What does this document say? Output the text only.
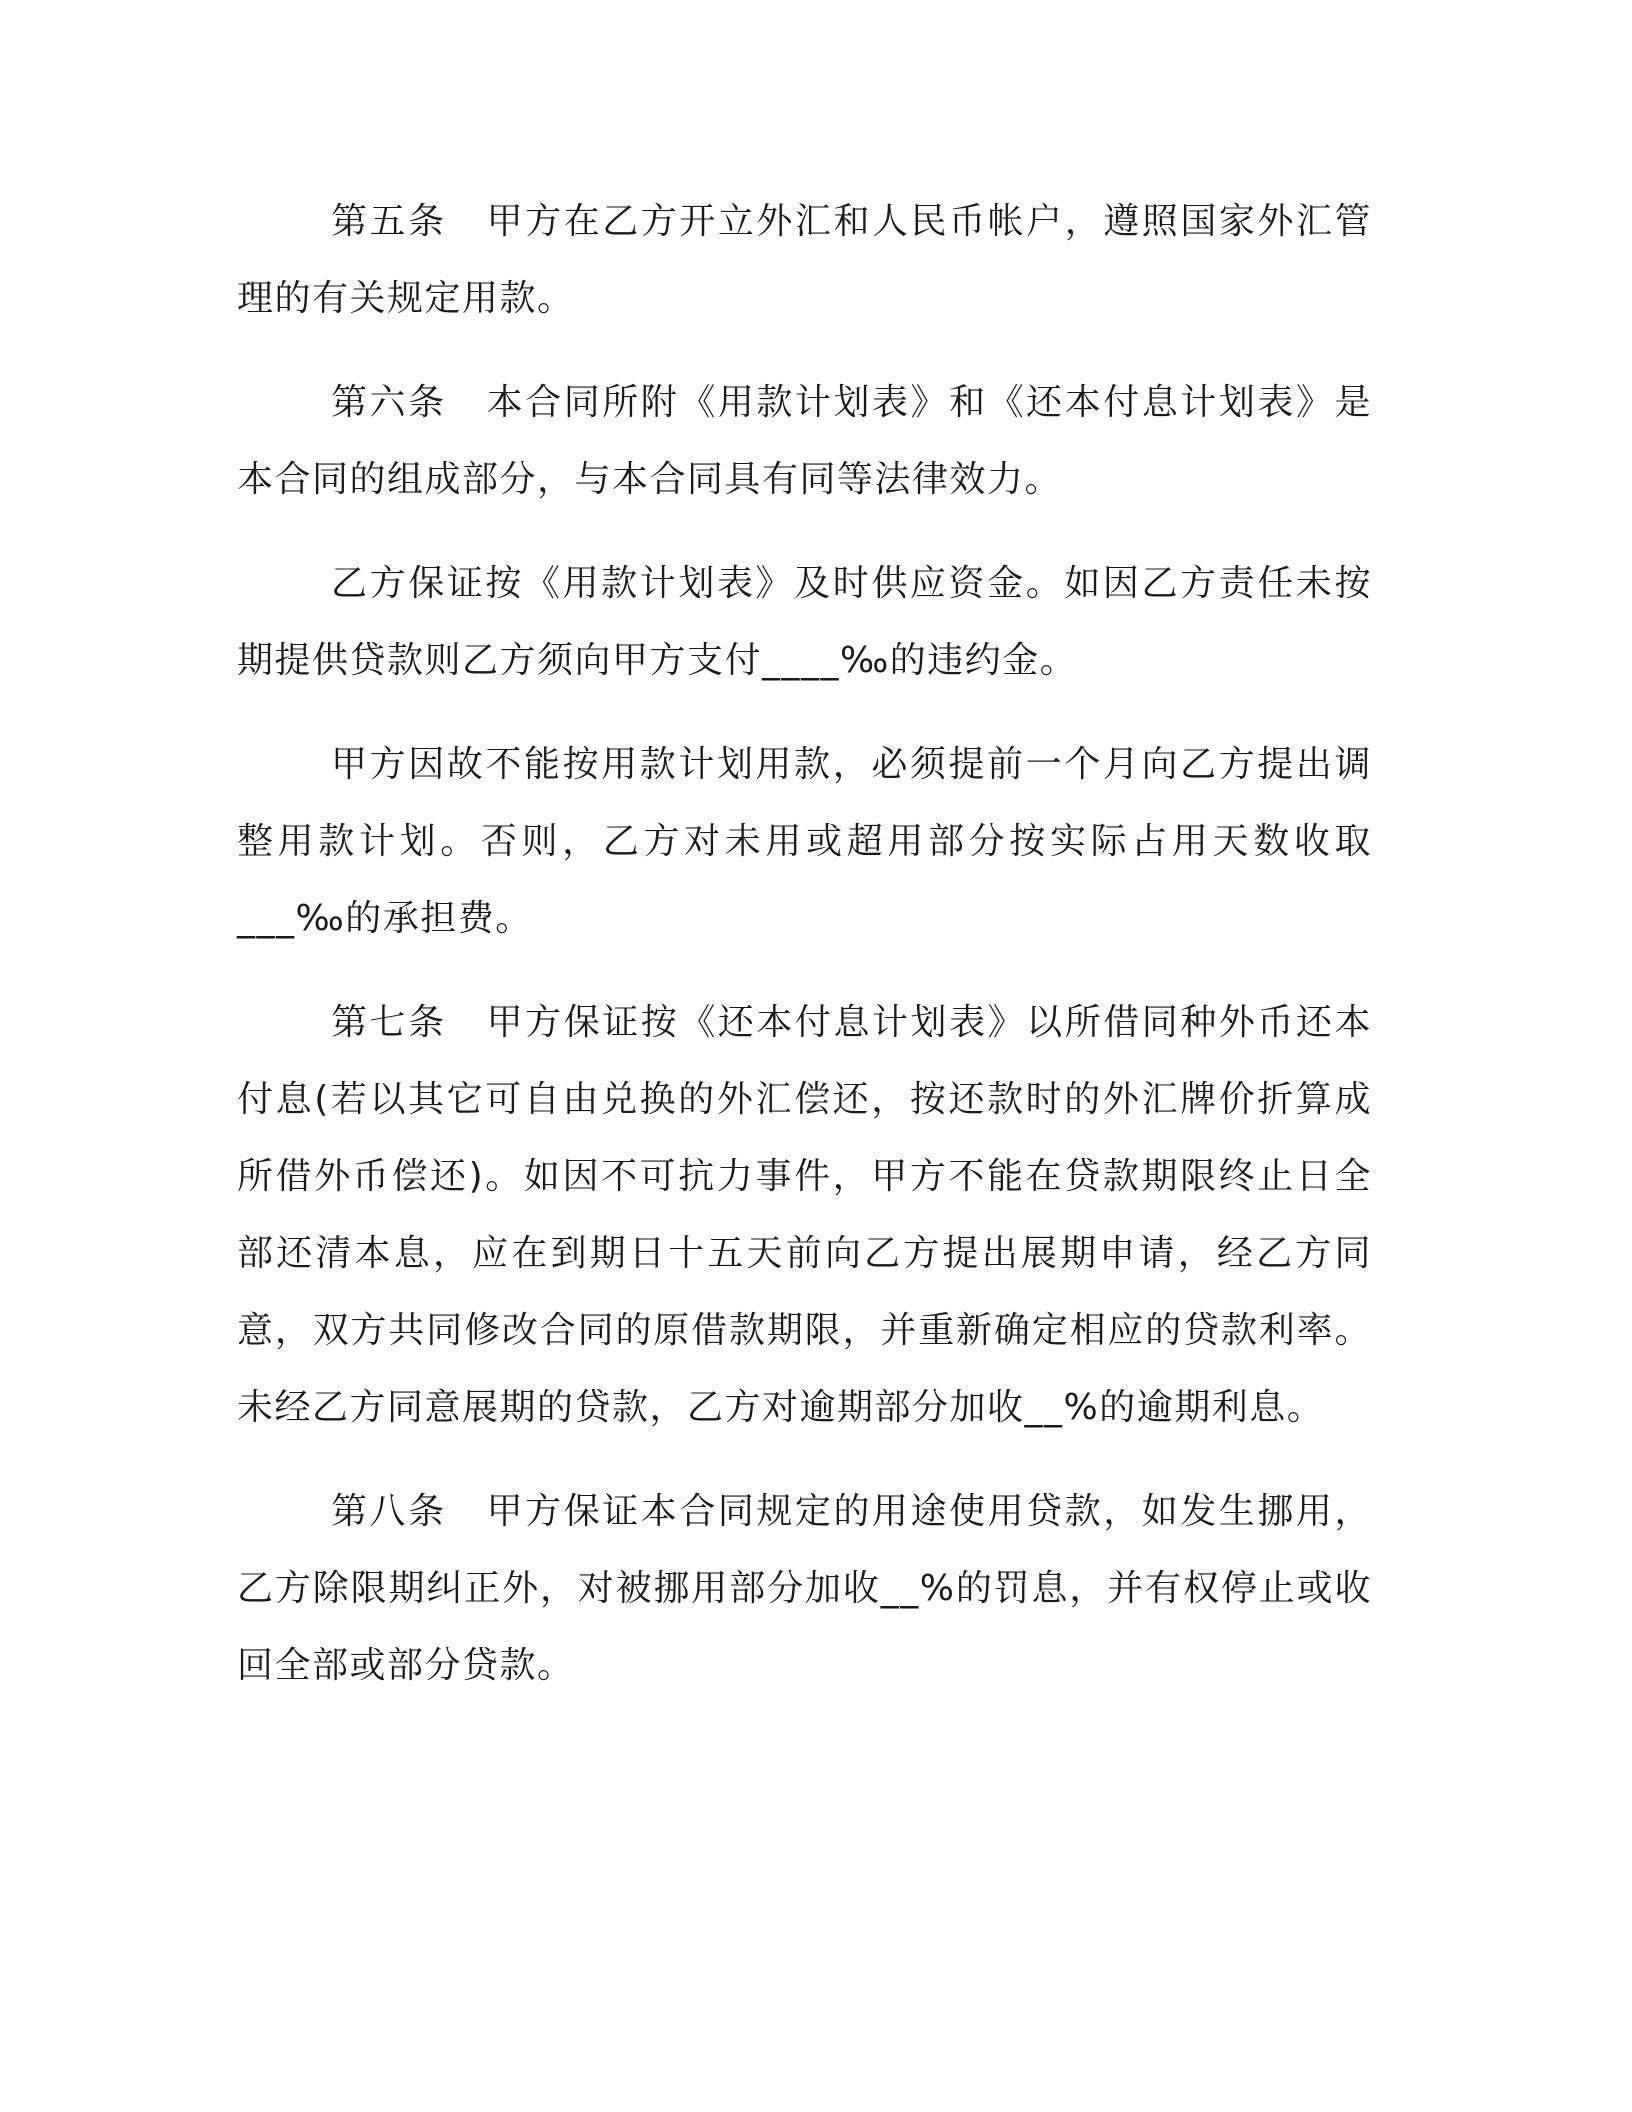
第五条 甲方在乙方开立外汇和人民币帐户，遵照国家外汇管理的有关规定用款。

第六条 本合同所附《用款计划表》和《还本付息计划表》是本合同的组成部分，与本合同具有同等法律效力。

乙方保证按《用款计划表》及时供应资金。如因乙方责任未按期提供贷款则乙方须向甲方支付____‰的违约金。

甲方因故不能按用款计划用款，必须提前一个月向乙方提出调整用款计划。否则，乙方对未用或超用部分按实际占用天数收取___‰的承担费。

第七条 甲方保证按《还本付息计划表》以所借同种外币还本付息(若以其它可自由兑换的外汇偿还，按还款时的外汇牌价折算成所借外币偿还)。如因不可抗力事件，甲方不能在贷款期限终止日全部还清本息，应在到期日十五天前向乙方提出展期申请，经乙方同意，双方共同修改合同的原借款期限，并重新确定相应的贷款利率。未经乙方同意展期的贷款，乙方对逾期部分加收__%的逾期利息。

第八条 甲方保证本合同规定的用途使用贷款，如发生挪用，乙方除限期纠正外，对被挪用部分加收__%的罚息，并有权停止或收回全部或部分贷款。
